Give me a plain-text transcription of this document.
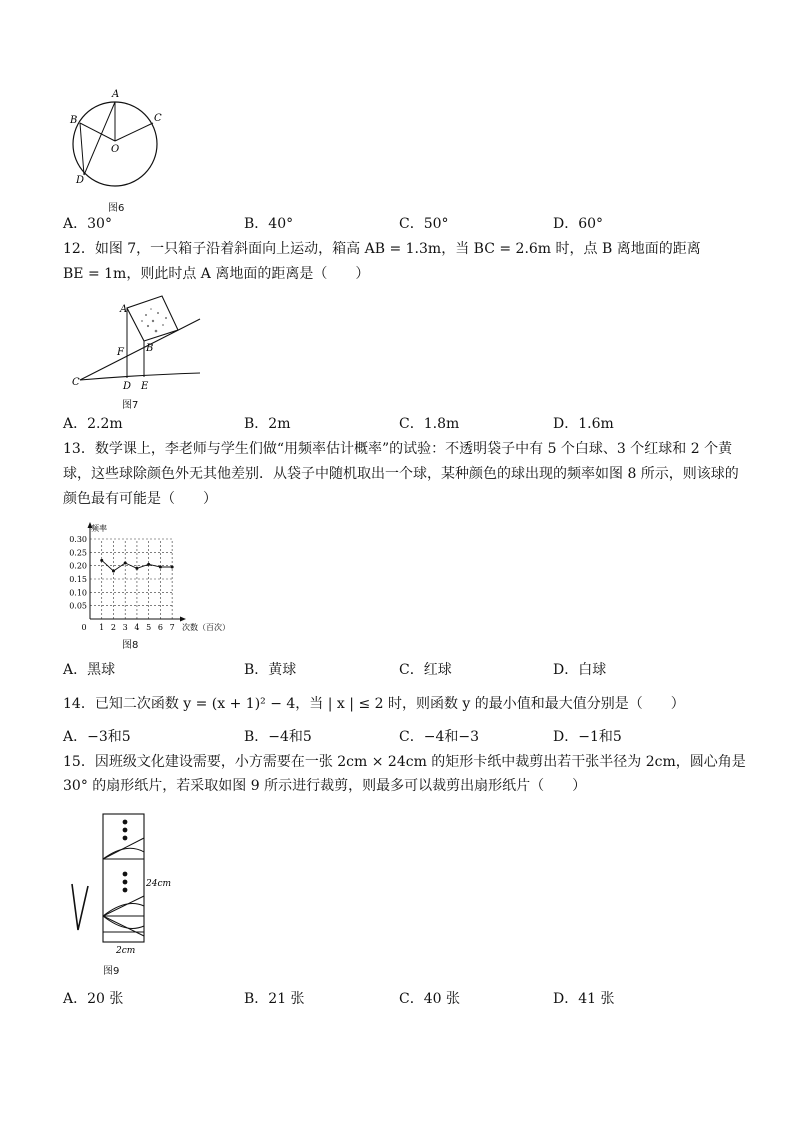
A
B	C
D
O
图6
A．30°	B．40°	C．50°	D．60°
12．如图 7，一只箱子沿着斜面向上运动，箱高 AB = 1.3m，当 BC = 2.6m 时，点 B 离地面的距离
BE = 1m，则此时点 A 离地面的距离是（　　）
A
B
F
C	D E
图7
A．2.2m	B．2m	C．1.8m	D．1.6m
13．数学课上，李老师与学生们做“用频率估计概率”的试验：不透明袋子中有 5 个白球、3 个红球和 2 个黄
球，这些球除颜色外无其他差别．从袋子中随机取出一个球，某种颜色的球出现的频率如图 8 所示，则该球的
颜色最有可能是（　　）
0.05
0.10
0.15
0.20
0.25
0.30
0 1 2 3 4 5 6 7
频率
次数（百次）
图8
A．黑球	B．黄球	C．红球	D．白球
14．已知二次函数 y = (x + 1)² − 4，当 | x | ≤ 2 时，则函数 y 的最小值和最大值分别是（　　）
A．−3和5	B．−4和5	C．−4和−3	D．−1和5
15．因班级文化建设需要，小方需要在一张 2cm × 24cm 的矩形卡纸中裁剪出若干张半径为 2cm，圆心角是
30° 的扇形纸片，若采取如图 9 所示进行裁剪，则最多可以裁剪出扇形纸片（　　）
24cm
2cm
图9
A．20 张	B．21 张	C．40 张	D．41 张
